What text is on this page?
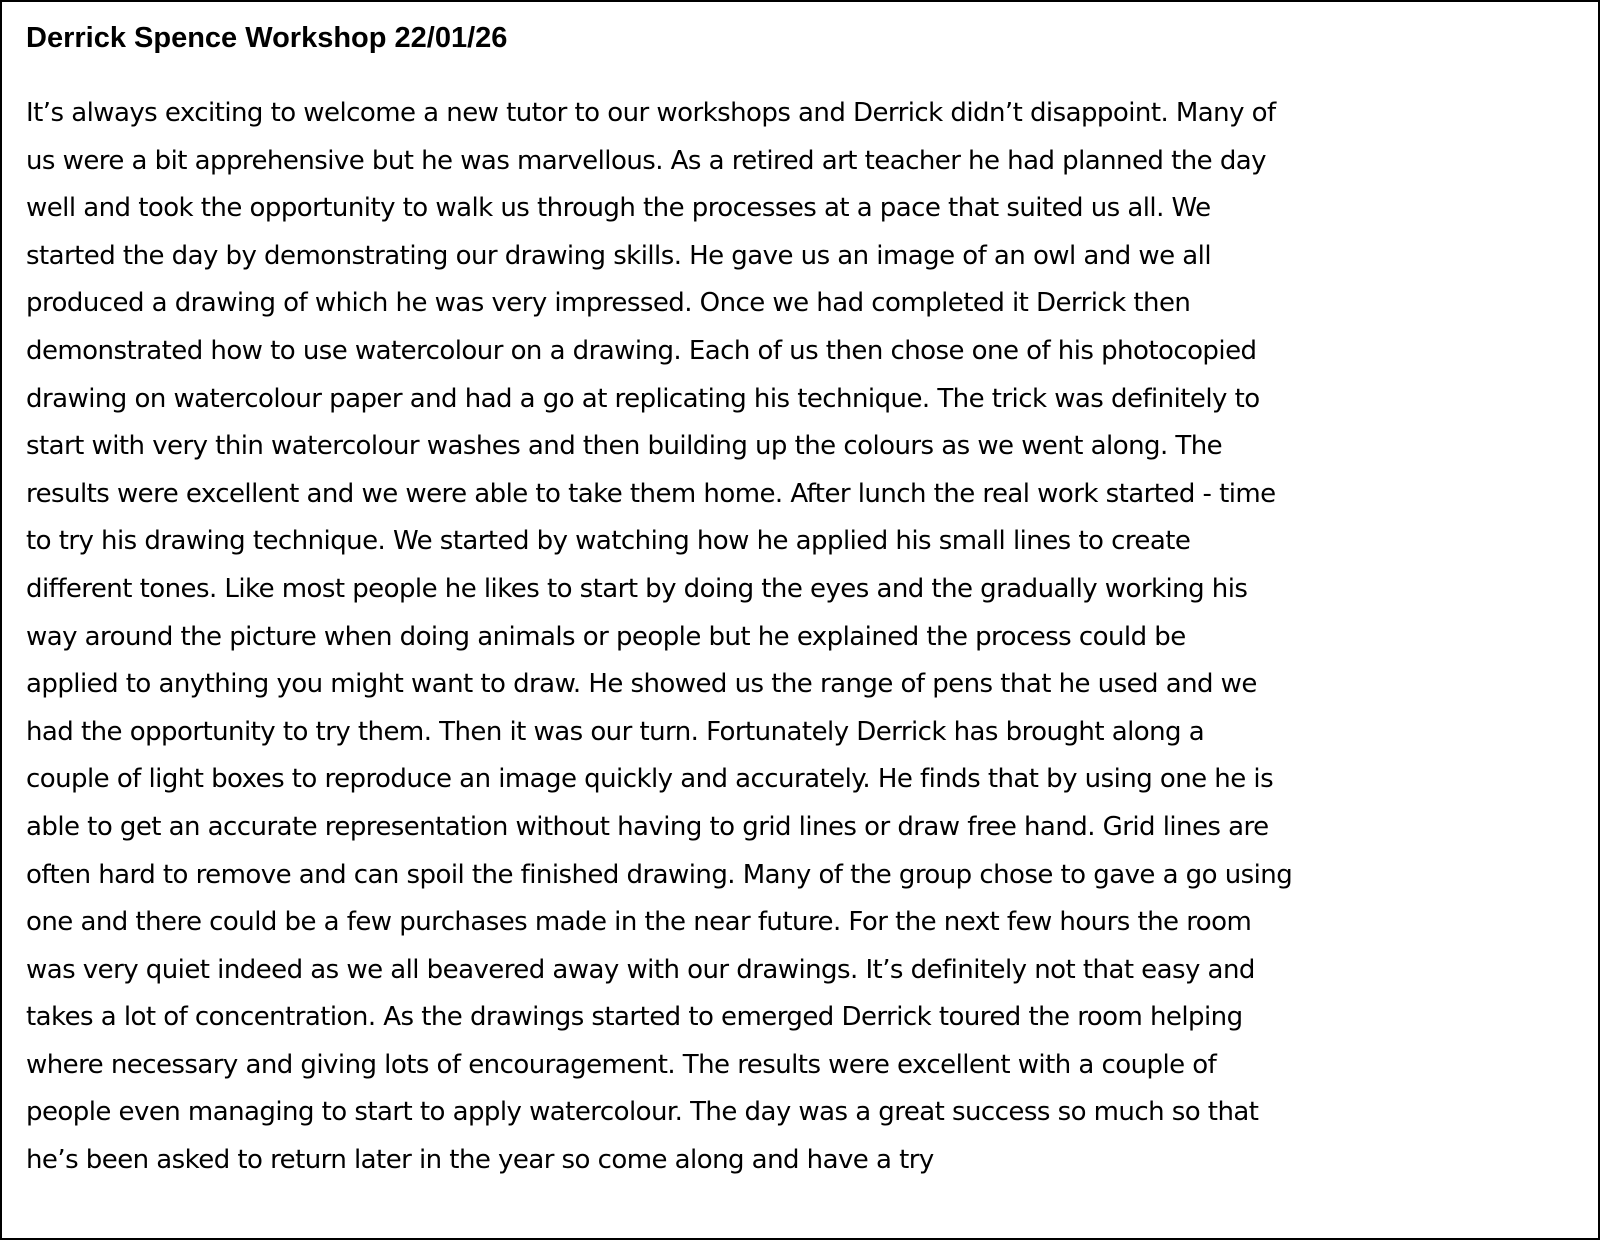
Derrick Spence Workshop 22/01/26
It’s always exciting to welcome a new tutor to our workshops and Derrick didn’t disappoint. Many of
us were a bit apprehensive but he was marvellous. As a retired art teacher he had planned the day
well and took the opportunity to walk us through the processes at a pace that suited us all. We
started the day by demonstrating our drawing skills. He gave us an image of an owl and we all
produced a drawing of which he was very impressed. Once we had completed it Derrick then
demonstrated how to use watercolour on a drawing. Each of us then chose one of his photocopied
drawing on watercolour paper and had a go at replicating his technique. The trick was definitely to
start with very thin watercolour washes and then building up the colours as we went along. The
results were excellent and we were able to take them home. After lunch the real work started - time
to try his drawing technique. We started by watching how he applied his small lines to create
different tones. Like most people he likes to start by doing the eyes and the gradually working his
way around the picture when doing animals or people but he explained the process could be
applied to anything you might want to draw. He showed us the range of pens that he used and we
had the opportunity to try them. Then it was our turn. Fortunately Derrick has brought along a
couple of light boxes to reproduce an image quickly and accurately. He finds that by using one he is
able to get an accurate representation without having to grid lines or draw free hand. Grid lines are
often hard to remove and can spoil the finished drawing. Many of the group chose to gave a go using
one and there could be a few purchases made in the near future. For the next few hours the room
was very quiet indeed as we all beavered away with our drawings. It’s definitely not that easy and
takes a lot of concentration. As the drawings started to emerged Derrick toured the room helping
where necessary and giving lots of encouragement. The results were excellent with a couple of
people even managing to start to apply watercolour. The day was a great success so much so that
he’s been asked to return later in the year so come along and have a try
